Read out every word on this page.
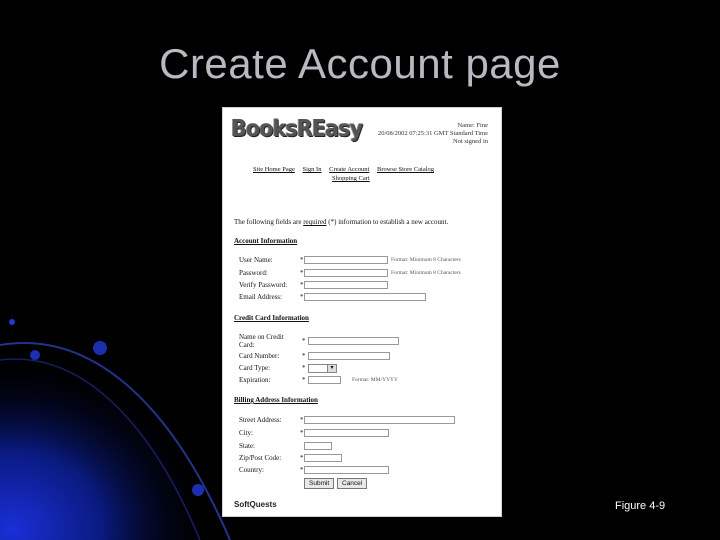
Create Account page
BooksREasy	Name: Fine
20/08/2002 07:25:31 GMT Standard Time
Not signed in
Site Home Page Sign In Create Account Browse Store Catalog
Shopping Cart
The following fields are required (*) information to establish a new account.
Account Information
User Name:	*	Format: Minimum 8 Characters
Password:	*	Format: Minimum 8 Characters
Verify Password:	*
Email Address:	*
Credit Card Information
Name on Credit Card:	*
Card Number:	*
Card Type:	*	▾
Expiration:	*	Format: MM/YYYY
Billing Address Information
Street Address:	*
City:	*
State:
Zip/Post Code:	*
Country:	*
Submit	Cancel
SoftQuests	Figure 4-9
